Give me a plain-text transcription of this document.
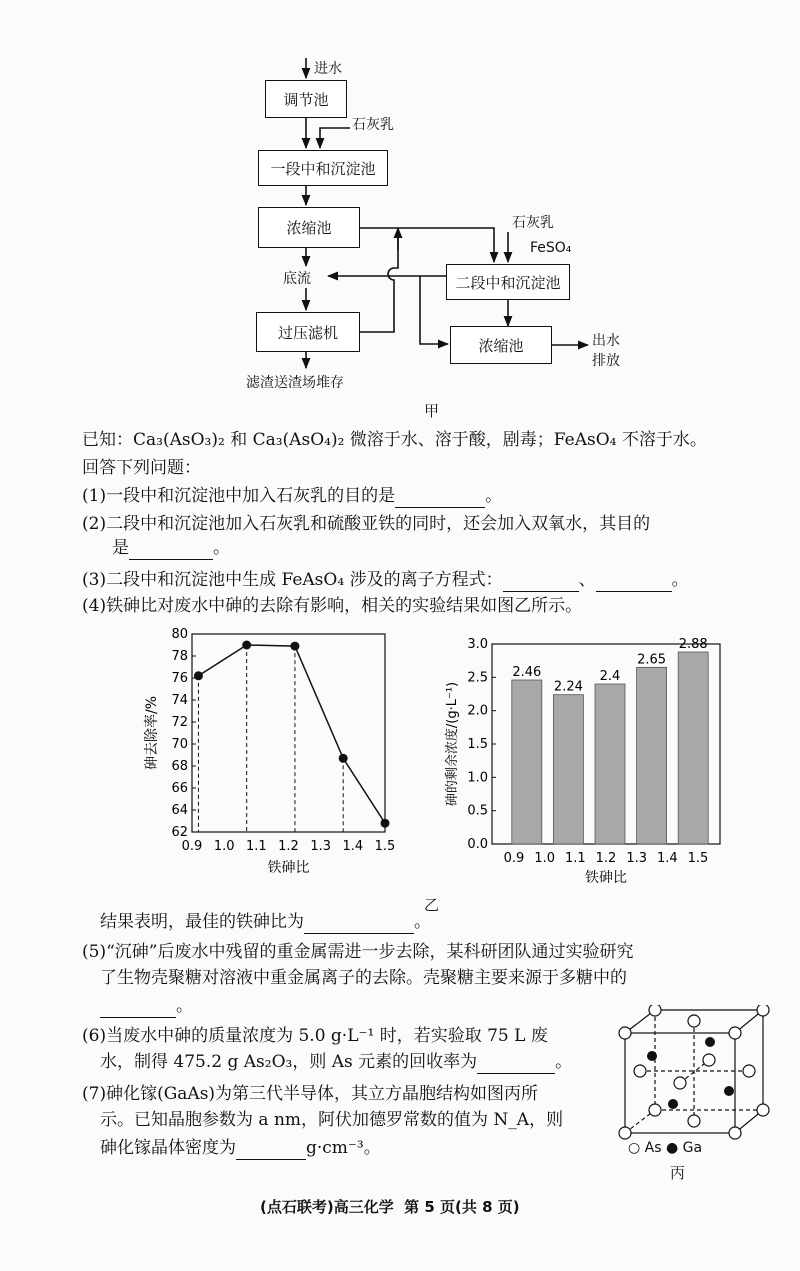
进水
调节池
石灰乳
一段中和沉淀池
浓缩池	石灰乳
FeSO₄
二段中和沉淀池
底流
过压滤机
浓缩池	出水
排放
滤渣送渣场堆存
甲
已知：Ca₃(AsO₃)₂ 和 Ca₃(AsO₄)₂ 微溶于水、溶于酸，剧毒；FeAsO₄ 不溶于水。
回答下列问题：
(1)一段中和沉淀池中加入石灰乳的目的是	。
(2)二段中和沉淀池加入石灰乳和硫酸亚铁的同时，还会加入双氧水，其目的
是	。
(3)二段中和沉淀池中生成 FeAsO₄ 涉及的离子方程式：	、	。
(4)铁砷比对废水中砷的去除有影响，相关的实验结果如图乙所示。
62
64
66
68
70
72
74
76
78
80
0.9 1.0 1.1 1.2 1.3 1.4 1.5
铁砷比
砷去除率/%
0.0
0.5
1.0
1.5
2.0
2.5
3.0
0.9 1.0 1.1 1.2 1.3 1.4 1.5
铁砷比
砷的剩余浓度/(g·L⁻¹)
2.46
2.24
2.4
2.65
2.88
乙
结果表明，最佳的铁砷比为	。
(5)“沉砷”后废水中残留的重金属需进一步去除，某科研团队通过实验研究
了生物壳聚糖对溶液中重金属离子的去除。壳聚糖主要来源于多糖中的
。
(6)当废水中砷的质量浓度为 5.0 g·L⁻¹ 时，若实验取 75 L 废
水，制得 475.2 g As₂O₃，则 As 元素的回收率为	。
(7)砷化镓(GaAs)为第三代半导体，其立方晶胞结构如图丙所
示。已知晶胞参数为 a nm，阿伏加德罗常数的值为 N_A，则
砷化镓晶体密度为	g·cm⁻³。	○ As ● Ga
丙
(点石联考)高三化学  第 5 页(共 8 页)
